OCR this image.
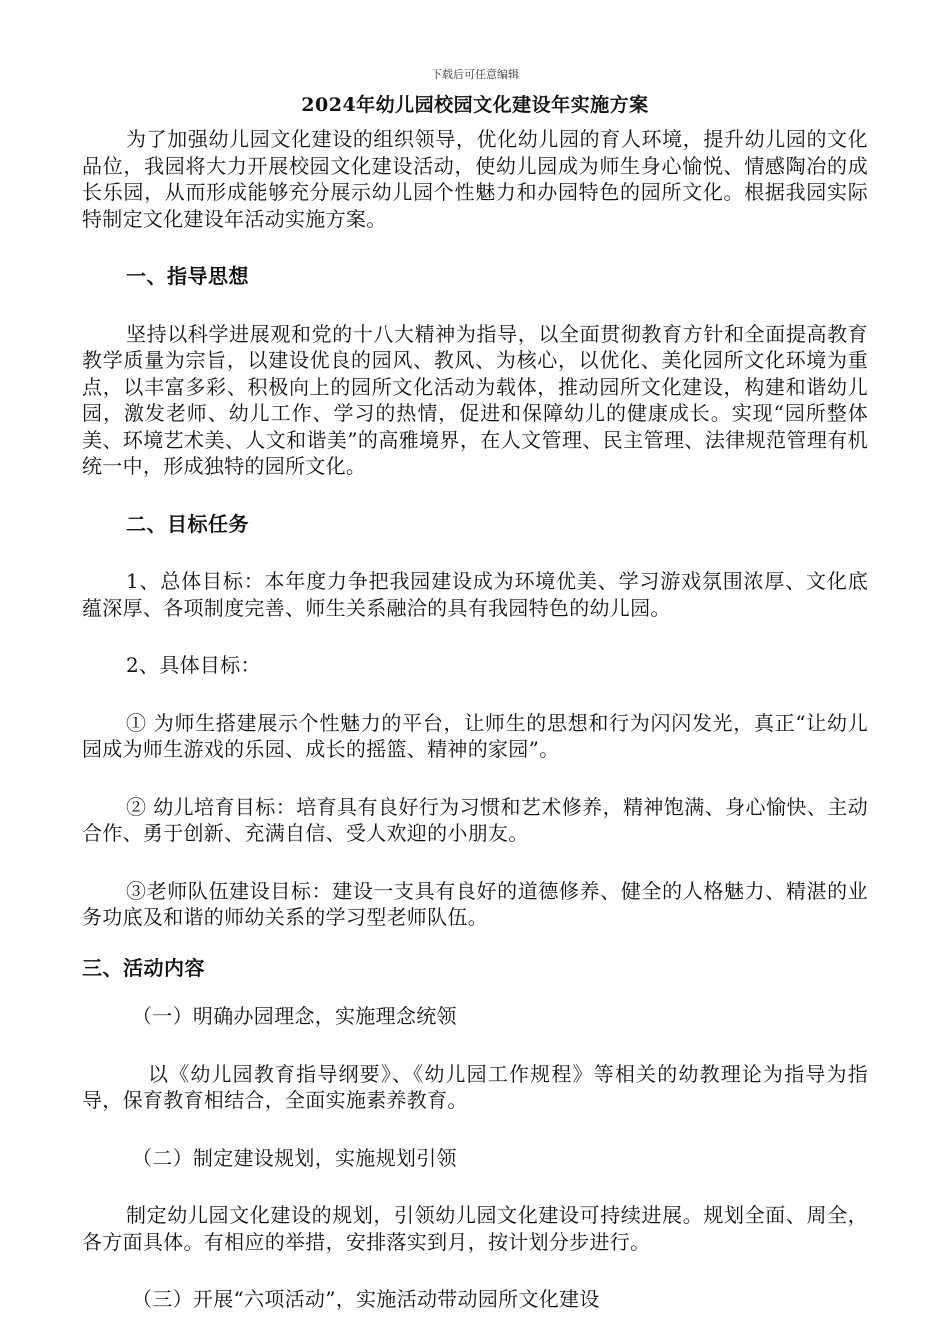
下载后可任意编辑
2024年幼儿园校园文化建设年实施方案

为了加强幼儿园文化建设的组织领导，优化幼儿园的育人环境，提升幼儿园的文化品位，我园将大力开展校园文化建设活动，使幼儿园成为师生身心愉悦、情感陶冶的成长乐园，从而形成能够充分展示幼儿园个性魅力和办园特色的园所文化。根据我园实际特制定文化建设年活动实施方案。

一、指导思想

坚持以科学进展观和党的十八大精神为指导，以全面贯彻教育方针和全面提高教育教学质量为宗旨，以建设优良的园风、教风、为核心，以优化、美化园所文化环境为重点，以丰富多彩、积极向上的园所文化活动为载体，推动园所文化建设，构建和谐幼儿园，激发老师、幼儿工作、学习的热情，促进和保障幼儿的健康成长。实现“园所整体美、环境艺术美、人文和谐美”的高雅境界，在人文管理、民主管理、法律规范管理有机统一中，形成独特的园所文化。

二、目标任务

1、总体目标：本年度力争把我园建设成为环境优美、学习游戏氛围浓厚、文化底蕴深厚、各项制度完善、师生关系融洽的具有我园特色的幼儿园。

2、具体目标：

① 为师生搭建展示个性魅力的平台，让师生的思想和行为闪闪发光，真正“让幼儿园成为师生游戏的乐园、成长的摇篮、精神的家园”。

② 幼儿培育目标：培育具有良好行为习惯和艺术修养，精神饱满、身心愉快、主动合作、勇于创新、充满自信、受人欢迎的小朋友。

③老师队伍建设目标：建设一支具有良好的道德修养、健全的人格魅力、精湛的业务功底及和谐的师幼关系的学习型老师队伍。

三、活动内容

（一）明确办园理念，实施理念统领

以《幼儿园教育指导纲要》、《幼儿园工作规程》等相关的幼教理论为指导为指导，保育教育相结合，全面实施素养教育。

（二）制定建设规划，实施规划引领

制定幼儿园文化建设的规划，引领幼儿园文化建设可持续进展。规划全面、周全，各方面具体。有相应的举措，安排落实到月，按计划分步进行。

（三）开展“六项活动”，实施活动带动园所文化建设
